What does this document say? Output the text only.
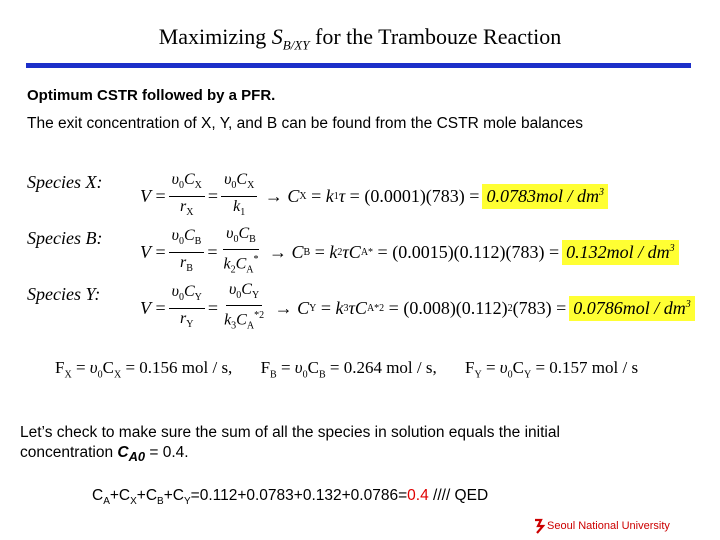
Maximizing $S_{B/XY}$ for the Trambouze Reaction
Optimum CSTR followed by a PFR.
The exit concentration of X, Y, and B can be found from the CSTR mole balances
Species X:
$V = \frac{\upsilon_0C_X}{r_X} = \frac{\upsilon_0C_X}{k_1} \to C$ X = k 1 $\tau = (0.0001)(783) = 0.0783mol / dm^3$
Species B:
$V = \frac{\upsilon_0C_B}{r_B} = \frac{\upsilon_0C_B}{k_2C_A^*} \to C$ B = k 2 τC A * = $(0.0015)(0.112)(783) = 0.132mol / dm^3$
Species Y:
$V = \frac{\upsilon_0C_Y}{r_Y} = \frac{\upsilon_0C_Y}{k_3C_A^{*2}} \to C$ Y = k 3 τC A *2 = (0.008)(0.112) 2 $(783) = 0.0786mol / dm^3$
$F_X = \upsilon_0C_X = 0.156$ mol / s, $F_B = \upsilon_0C_B = 0.264$ mol / s, $F_Y = \upsilon_0C_Y = 0.157$ mol / s
Let’s check to make sure the sum of all the species in solution equals the initial
concentration $C_{A0} = 0.4$.
$C_A+C_X+C_B+C_Y=0.112+0.0783+0.132+0.0786=0.4$ //// QED
Seoul National University
